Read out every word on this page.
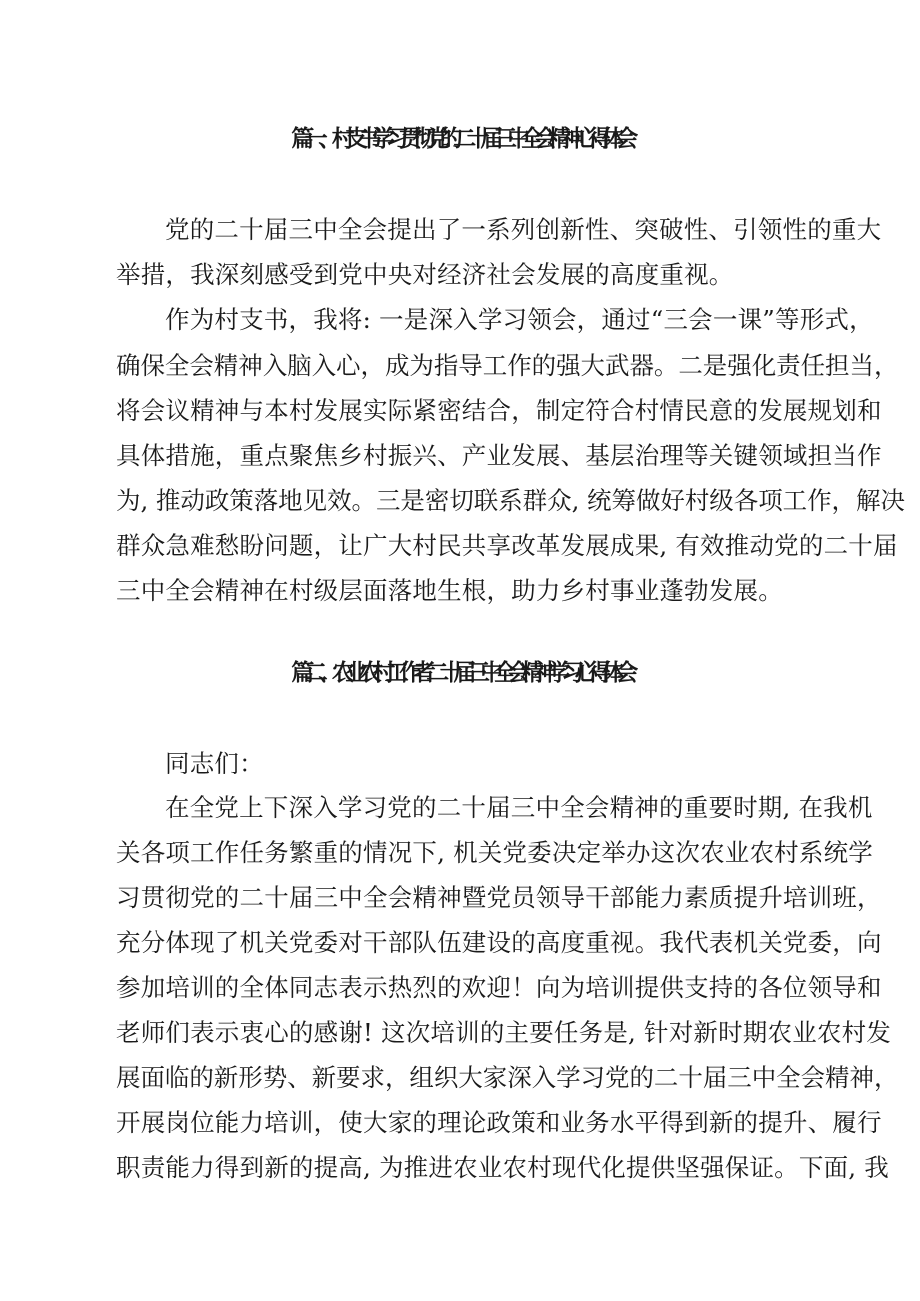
篇一、村支书学习贯彻党的二十届三中全会精神心得体会
党的二十届三中全会提出了一系列创新性、突破性、引领性的重大
举措，我深刻感受到党中央对经济社会发展的高度重视。
作为村支书，我将: 一是深入学习领会，通过“三会一课”等形式，
确保全会精神入脑入心，成为指导工作的强大武器。二是强化责任担当，
将会议精神与本村发展实际紧密结合，制定符合村情民意的发展规划和
具体措施，重点聚焦乡村振兴、产业发展、基层治理等关键领域担当作
为, 推动政策落地见效。三是密切联系群众, 统筹做好村级各项工作，解决
群众急难愁盼问题，让广大村民共享改革发展成果, 有效推动党的二十届
三中全会精神在村级层面落地生根，助力乡村事业蓬勃发展。
篇二、农业农村工作者二十届三中全会精神学习心得体会
同志们：
在全党上下深入学习党的二十届三中全会精神的重要时期, 在我机
关各项工作任务繁重的情况下, 机关党委决定举办这次农业农村系统学
习贯彻党的二十届三中全会精神暨党员领导干部能力素质提升培训班，
充分体现了机关党委对干部队伍建设的高度重视。我代表机关党委，向
参加培训的全体同志表示热烈的欢迎！向为培训提供支持的各位领导和
老师们表示衷心的感谢! 这次培训的主要任务是, 针对新时期农业农村发
展面临的新形势、新要求，组织大家深入学习党的二十届三中全会精神，
开展岗位能力培训，使大家的理论政策和业务水平得到新的提升、履行
职责能力得到新的提高, 为推进农业农村现代化提供坚强保证。下面, 我
